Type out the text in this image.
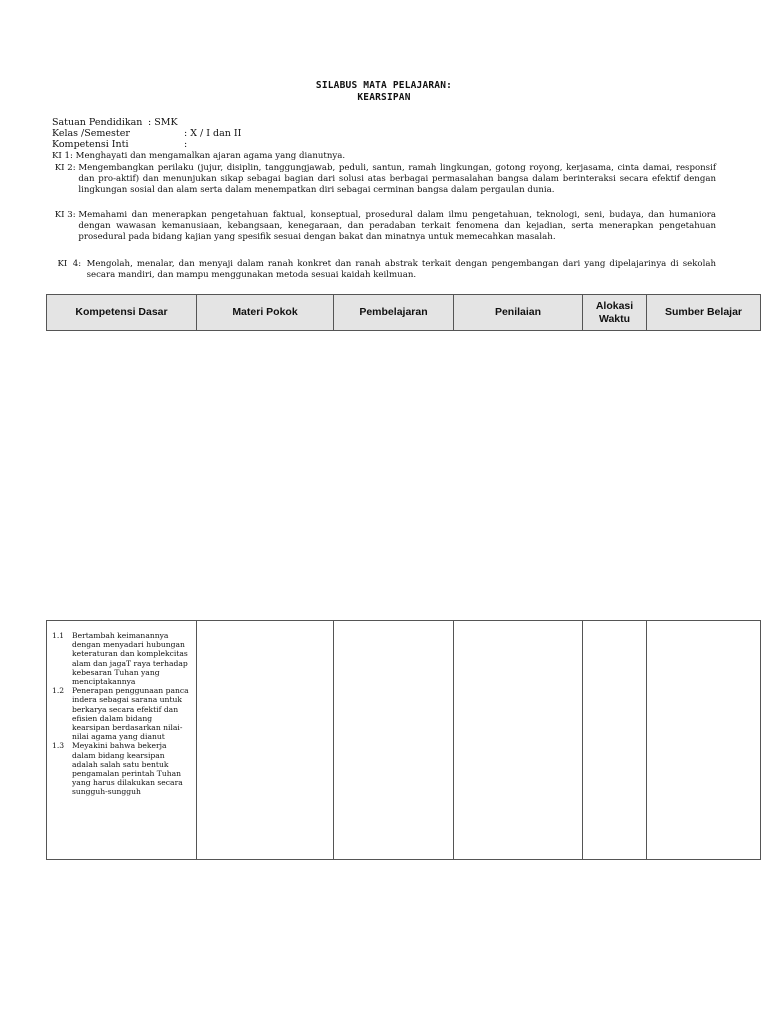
SILABUS MATA PELAJARAN:
KEARSIPAN
Satuan Pendidikan : SMK
Kelas /Semester	: X / I dan II
Kompetensi Inti	:
KI 1: Menghayati dan mengamalkan ajaran agama yang dianutnya.
KI 2: Mengembangkan perilaku (jujur, disiplin, tanggungjawab, peduli, santun, ramah lingkungan, gotong royong, kerjasama, cinta damai, responsif dan pro-aktif) dan menunjukan sikap sebagai bagian dari solusi atas berbagai permasalahan bangsa dalam berinteraksi secara efektif dengan lingkungan sosial dan alam serta dalam menempatkan diri sebagai cerminan bangsa dalam pergaulan dunia.
KI 3: Memahami dan menerapkan pengetahuan faktual, konseptual, prosedural dalam ilmu pengetahuan, teknologi, seni, budaya, dan humaniora dengan wawasan kemanusiaan, kebangsaan, kenegaraan, dan peradaban terkait fenomena dan kejadian, serta menerapkan pengetahuan prosedural pada bidang kajian yang spesifik sesuai dengan bakat dan minatnya untuk memecahkan masalah.
KI  4: Mengolah, menalar, dan menyaji dalam ranah konkret dan ranah abstrak terkait dengan pengembangan dari yang dipelajarinya di sekolah secara mandiri, dan mampu menggunakan metoda sesuai kaidah keilmuan.
Kompetensi Dasar	Materi Pokok	Pembelajaran	Penilaian	Alokasi Waktu	Sumber Belajar
1.1	Bertambah keimanannya dengan menyadari hubungan keteraturan dan komplekcitas alam dan jagaT raya terhadap kebesaran Tuhan yang menciptakannya
1.2	Penerapan penggunaan panca indera sebagai sarana untuk berkarya secara efektif dan efisien dalam bidang kearsipan berdasarkan nilai-nilai agama yang dianut
1.3	Meyakini bahwa bekerja dalam bidang kearsipan adalah salah satu bentuk pengamalan perintah Tuhan yang harus dilakukan secara sungguh-sungguh
